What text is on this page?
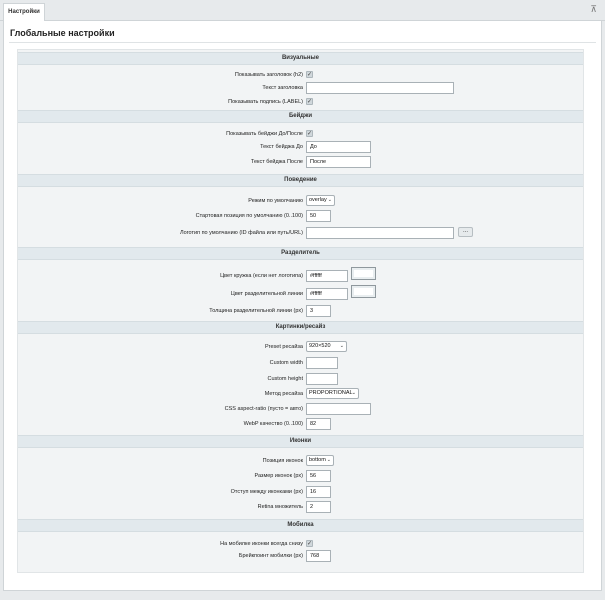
Настройки	⊼
Глобальные настройки
Визуальные
Показывать заголовок (h2) ✓
Текст заголовка
Показывать подпись (LABEL) ✓
Бейджи
Показывать бейджи До/После ✓
Текст бейджа До	До
Текст бейджа После	После
Поведение
Режим по умолчанию	overlay ⌄
Стартовая позиция по умолчанию (0..100)	50
Логотип по умолчанию (ID файла или путь/URL)	...
Разделитель
Цвет кружка (если нет логотипа)	#ffffff
Цвет разделительной линии	#ffffff
Толщина разделительной линии (px)	3
Картинки/ресайз
Preset ресайза	920×520 ⌄
Custom width
Custom height
Метод ресайза	PROPORTIONAL ⌄
CSS aspect-ratio (пусто = авто)
WebP качество (0..100)	82
Иконки
Позиция иконок	bottom ⌄
Размер иконок (px)	56
Отступ между иконками (px)	16
Retina множитель	2
Мобилка
На мобилке иконки всегда снизу ✓
Брейкпоинт мобилки (px)	768
